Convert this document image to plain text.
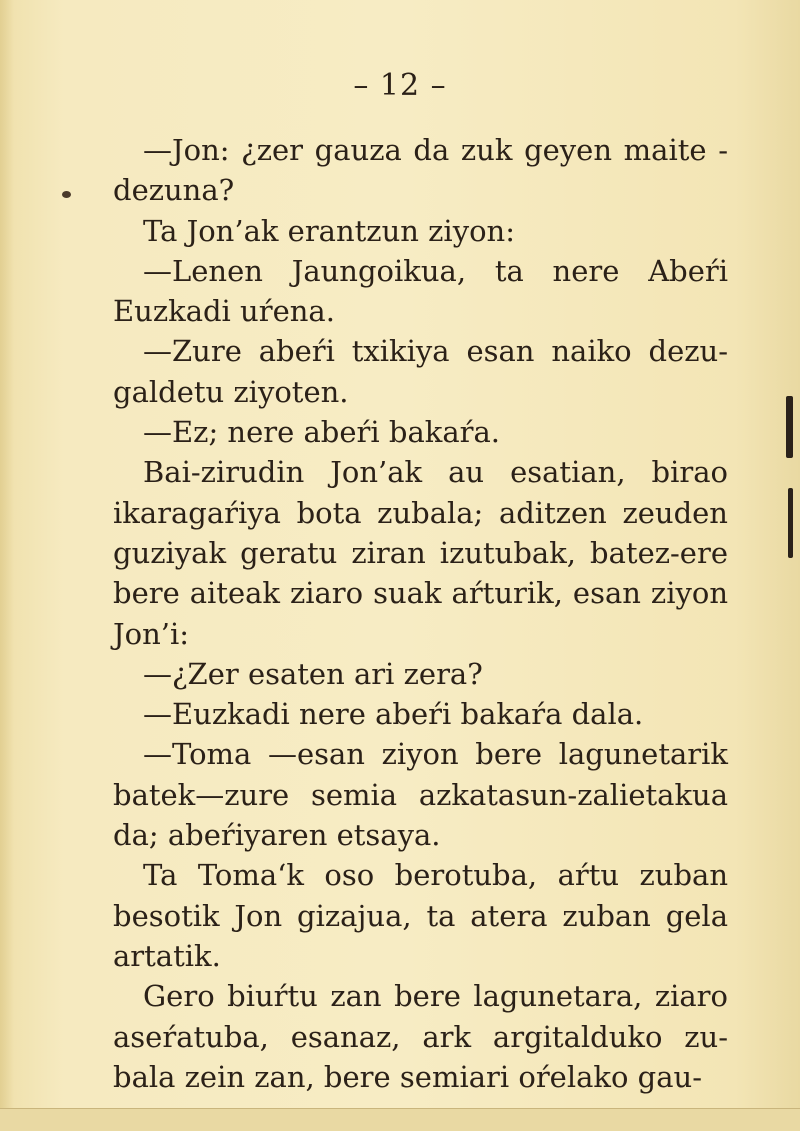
– 12 –

—Jon: ¿zer gauza da zuk geyen maite -dezuna?

Ta Jon’ak erantzun ziyon:

—Lenen Jaungoikua, ta nere Abeŕi Euzkadi uŕena.

—Zure abeŕi txikiya esan naiko dezu-galdetu ziyoten.

—Ez; nere abeŕi bakaŕa.

Bai-zirudin Jon’ak au esatian, birao ikaragaŕiya bota zubala; aditzen zeuden guziyak geratu ziran izutubak, batez-ere bere aiteak ziaro suak aŕturik, esan ziyon Jon’i:

—¿Zer esaten ari zera?

—Euzkadi nere abeŕi bakaŕa dala.

—Toma —esan ziyon bere lagunetarik batek—zure semia azkatasun-zalietakua da; abeŕiyaren etsaya.

Ta Toma‘k oso berotuba, aŕtu zuban besotik Jon gizajua, ta atera zuban gela artatik.

Gero biuŕtu zan bere lagunetara, ziaro aseŕatuba, esanaz, ark argitalduko zu-bala zein zan, bere semiari oŕelako gau-
